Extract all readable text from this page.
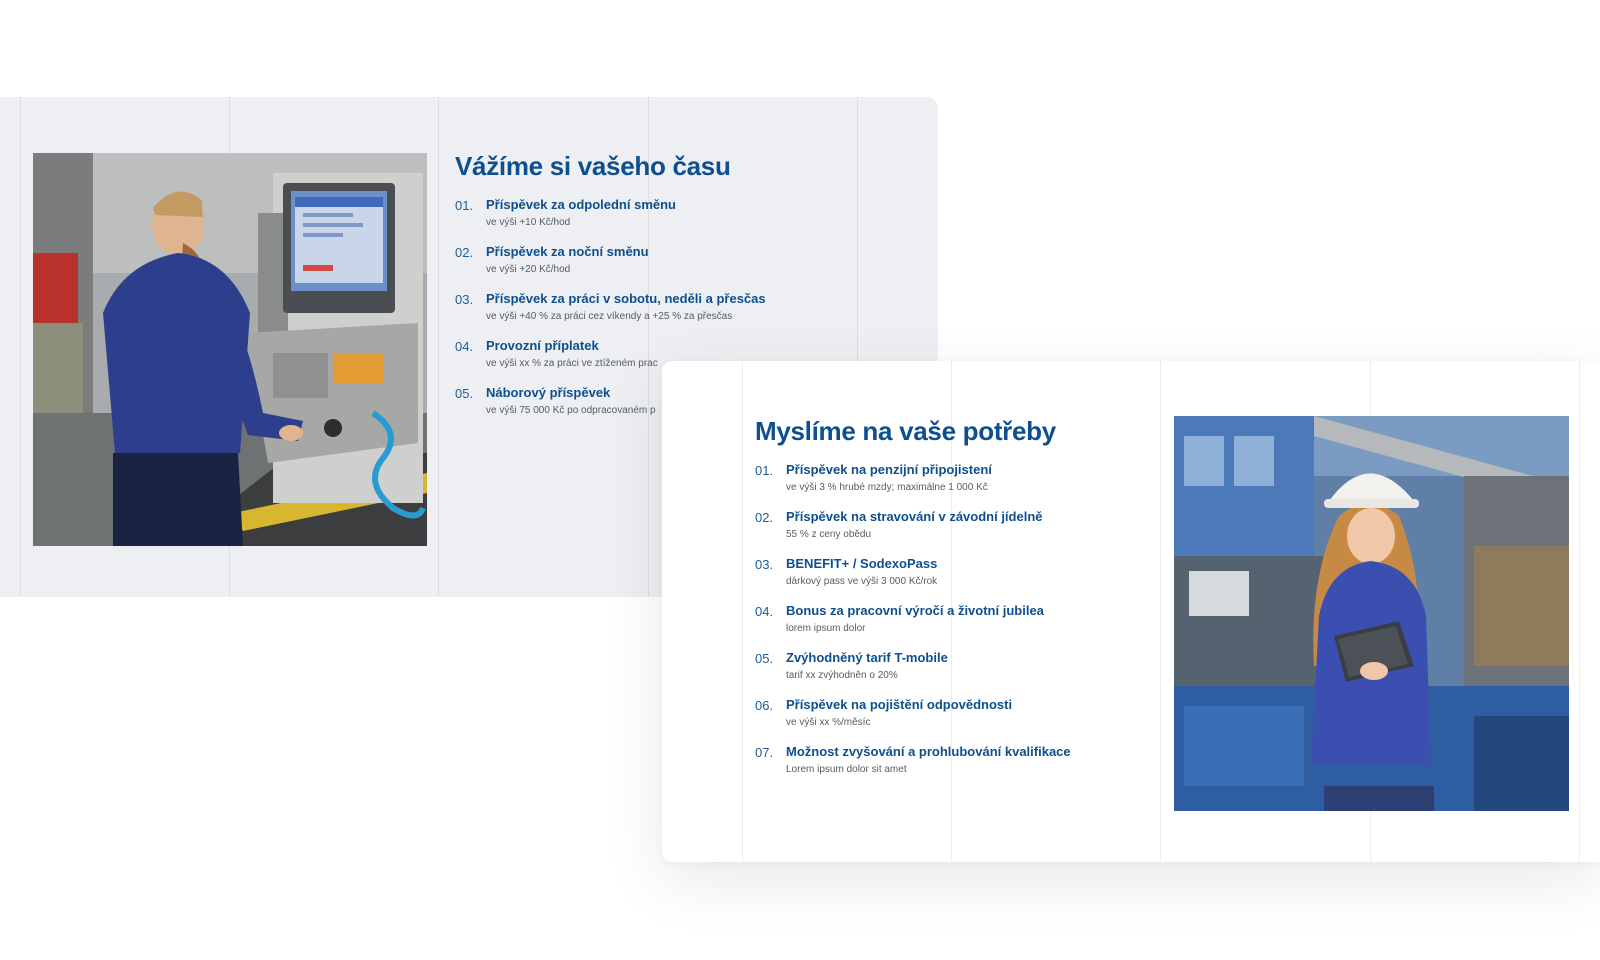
Vážíme si vašeho času
01. Příspěvek za odpolední směnu
ve výši +10 Kč/hod
02. Příspěvek za noční směnu
ve výši +20 Kč/hod
03. Příspěvek za práci v sobotu, neděli a přesčas
ve výši +40 % za práci cez víkendy a +25 % za přesčas
04. Provozní příplatek
ve výši xx % za práci ve ztíženém prac
05. Náborový příspěvek
ve výši 75 000 Kč po odpracovaném p
Myslíme na vaše potřeby
01. Příspěvek na penzijní připojistení
ve výši 3 % hrubé mzdy; maximálne 1 000 Kč
02. Příspěvek na stravování v závodní jídelně
55 % z ceny obědu
03. BENEFIT+ / SodexoPass
dárkový pass ve výši 3 000 Kč/rok
04. Bonus za pracovní výročí a životní jubilea
lorem ipsum dolor
05. Zvýhodněný tarif T-mobile
tarif xx zvýhodněn o 20%
06. Příspěvek na pojištění odpovědnosti
ve výši xx %/měsíc
07. Možnost zvyšování a prohlubování kvalifikace
Lorem ipsum dolor sit amet
